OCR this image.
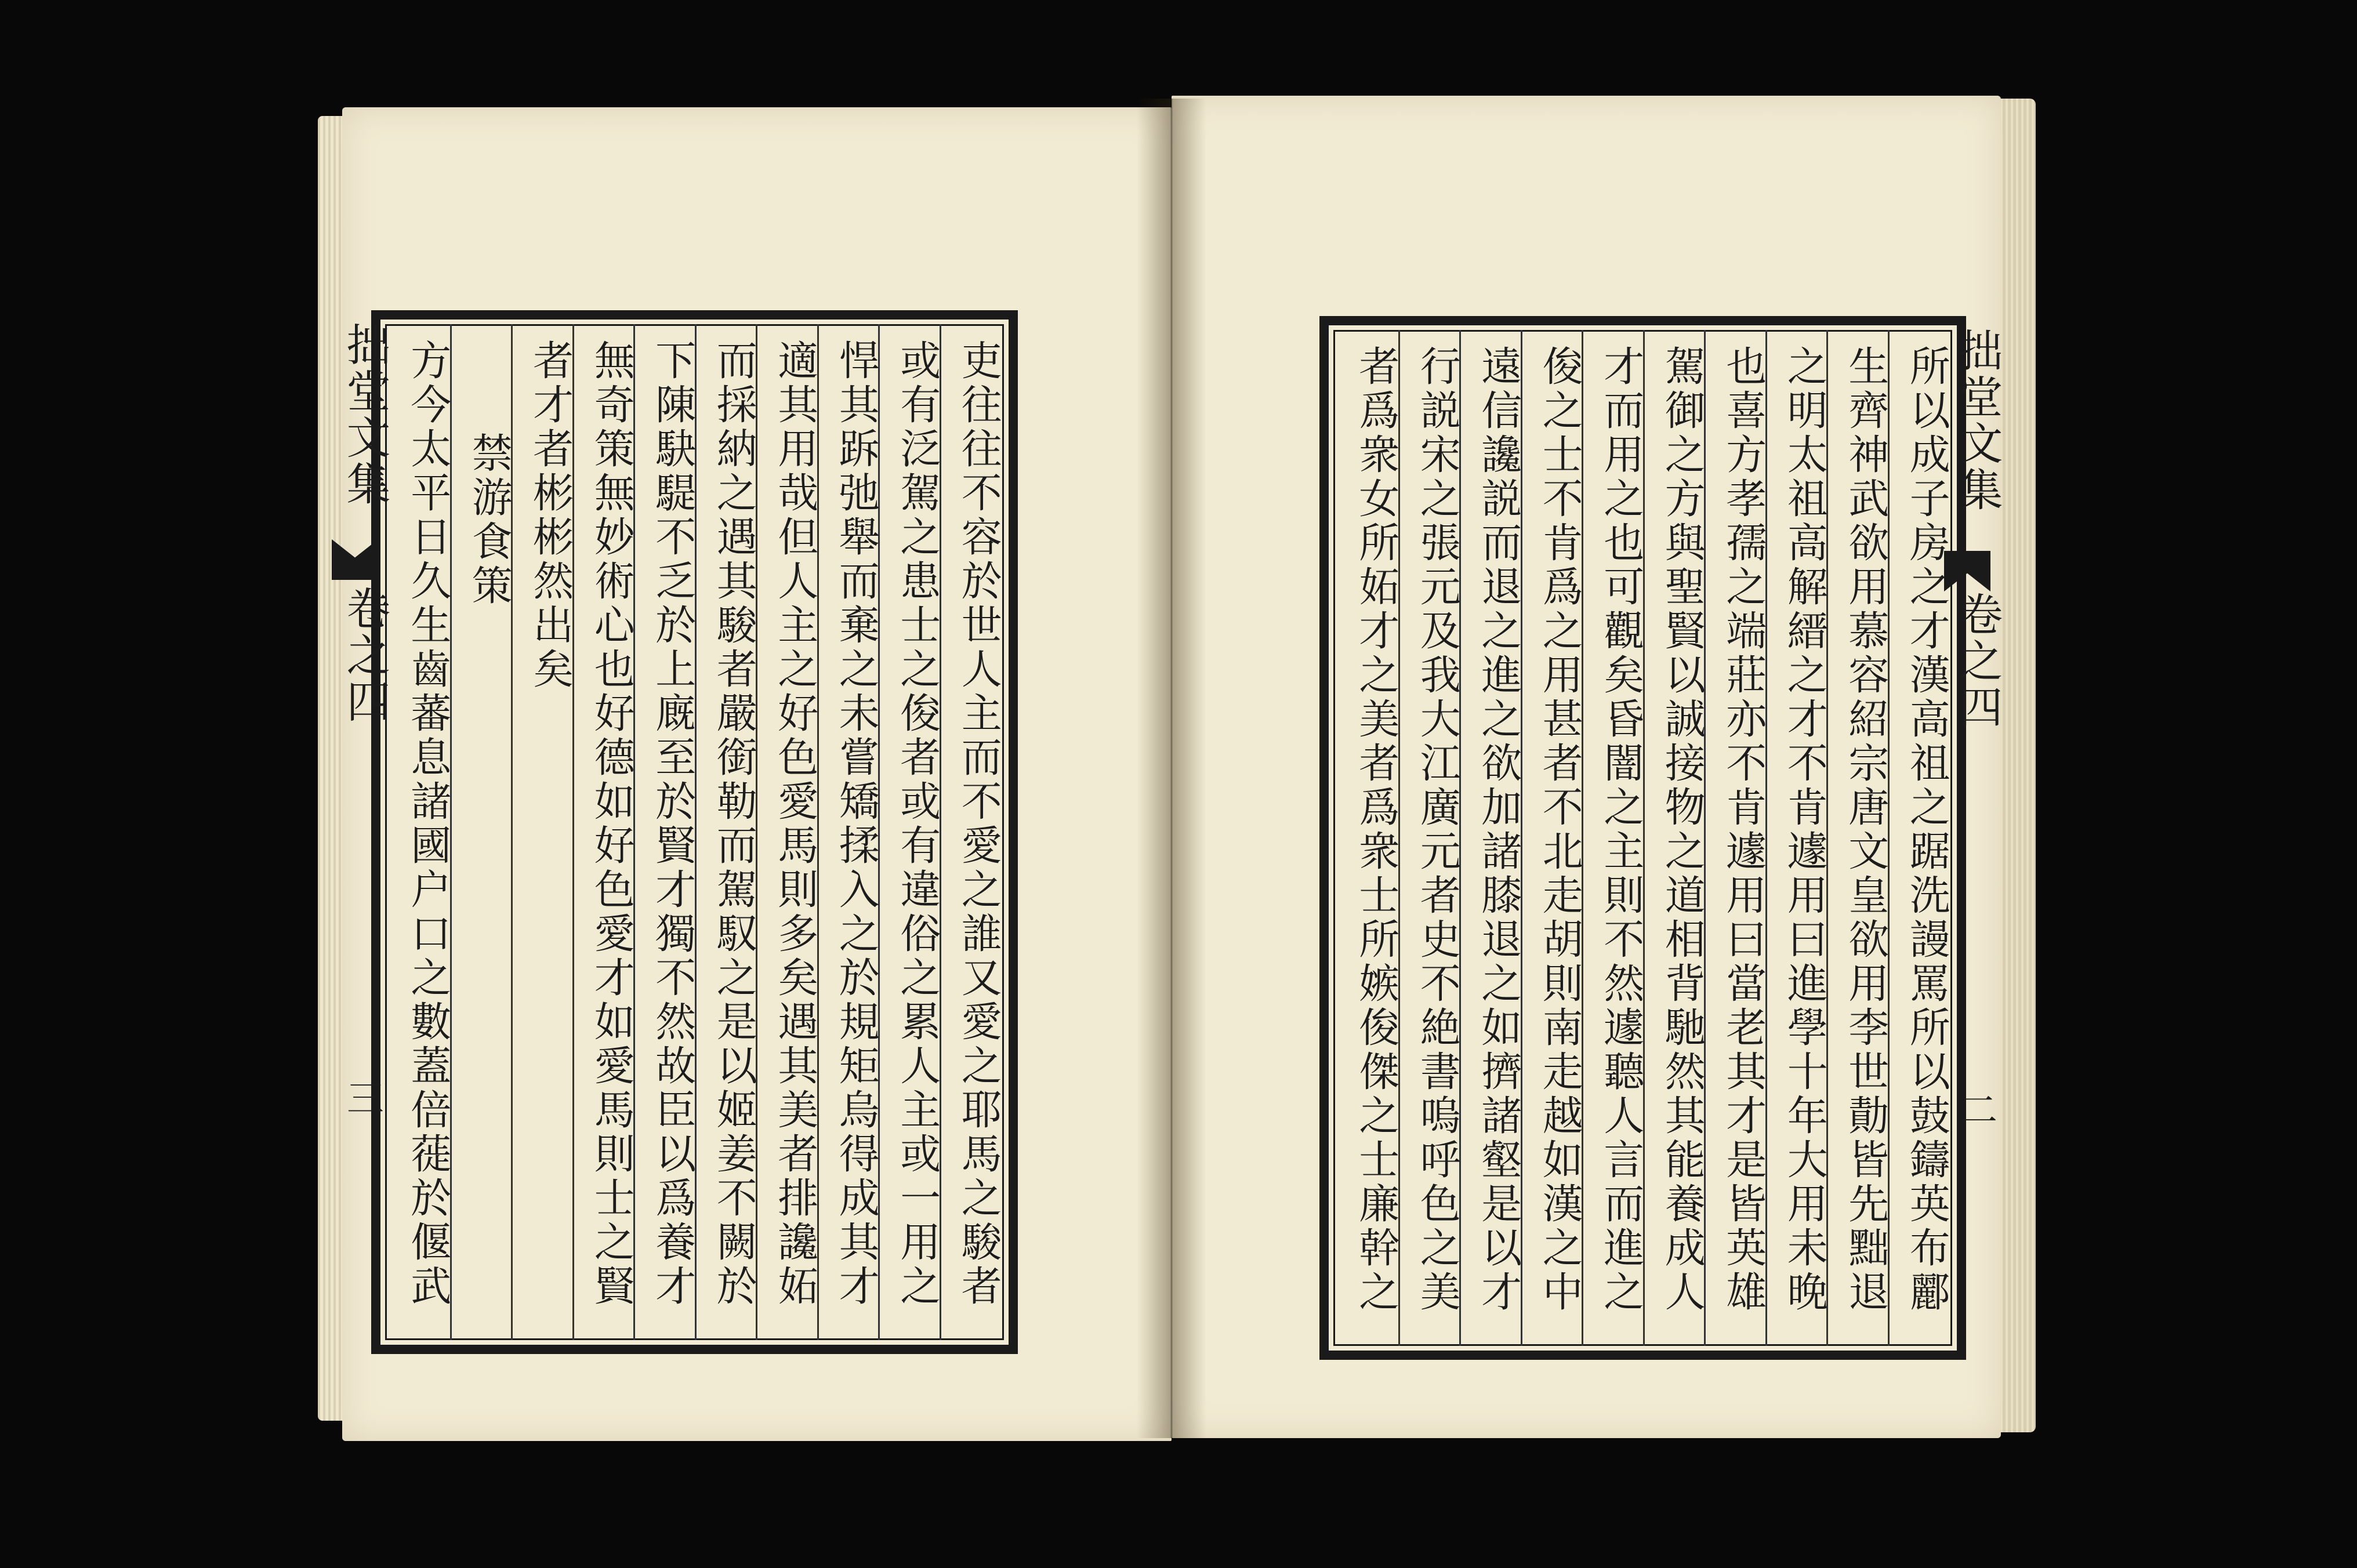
拙堂文集
卷之四
三
拙堂文集
卷之四
二
吏往往不容於世人主而不愛之誰又愛之耶馬之駿者
或有泛駕之患士之俊者或有違俗之累人主或一用之
悍其跅弛舉而棄之未嘗矯揉入之於規矩烏得成其才
適其用哉但人主之好色愛馬則多矣遇其美者排讒妬
而採納之遇其駿者嚴銜勒而駕馭之是以姬姜不闕於
下陳駃騠不乏於上廐至於賢才獨不然故臣以爲養才
無奇策無妙術心也好德如好色愛才如愛馬則士之賢
者才者彬彬然出矣
禁游食策
方今太平日久生齒蕃息諸國户口之數蓋倍蓰於偃武	所以成子房之才漢高祖之踞洗謾罵所以鼓鑄英布酈
生齊神武欲用慕容紹宗唐文皇欲用李世勣皆先黜退
之明太祖高解縉之才不肯遽用曰進學十年大用未晚
也喜方孝孺之端莊亦不肯遽用曰當老其才是皆英雄
駕御之方與聖賢以誠接物之道相背馳然其能養成人
才而用之也可觀矣昏闇之主則不然遽聽人言而進之
俊之士不肯爲之用甚者不北走胡則南走越如漢之中
遠信讒説而退之進之欲加諸膝退之如擠諸壑是以才
行説宋之張元及我大江廣元者史不絶書嗚呼色之美
者爲衆女所妬才之美者爲衆士所嫉俊傑之士廉幹之
